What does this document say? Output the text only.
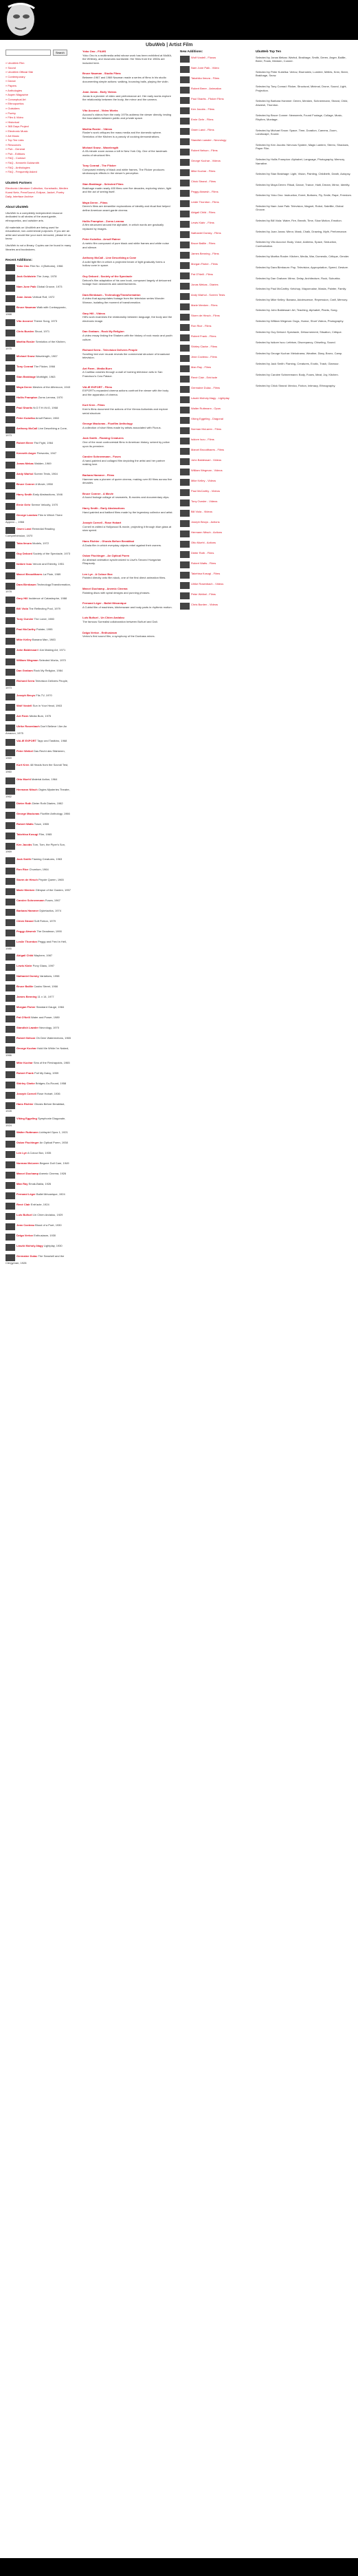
UbuWeb | Artist Film
Search
» UbuWeb Film
» Sound
» UbuWeb Official Site
» Contemporary
» Dance
» Papers
» Anthologies
» Aspen Magazine
» Conceptual Art
» Ethnopoetics
» Outsiders
» Poetry
» Film & Video
» Historical
» 365 Days Project
» Electronic Music
» Art Music
» Top Ten Lists
» Resources
» Pub - General
» Pub - Editions
» FAQ - Contact
» FAQ - Kenneth Goldsmith
» FAQ - Anthologies
» FAQ - Frequently Asked
UbuWeb Partners
Electronic Literature Collection, Kunstradio, Medien Kunst Netz, PennSound, Eclipse, Jacket, Poetry Daily, Interface Archive
About UbuWeb
UbuWeb is a completely independent resource dedicated to all strains of the avant-garde, ethnopoetics, and outsider arts.
All materials on UbuWeb are being used for educational, non-commercial purposes. If you are an artist and would like your work removed, please let us know.
UbuWeb is not a library. Copies can be found in many libraries and bookstores.
Recent Additions:
Yoko Ono Film No. 4 (Bottoms), 1966
Jack Goldstein The Jump, 1978
Nam June Paik Global Groove, 1973
Joan Jonas Vertical Roll, 1972
Bruce Nauman Walk with Contrapposto, 1968
Vito Acconci Theme Song, 1973
Chris Burden Shoot, 1971
Martha Rosler Semiotics of the Kitchen, 1975
Michael Snow Wavelength, 1967
Tony Conrad The Flicker, 1966
Stan Brakhage Mothlight, 1963
Maya Deren Meshes of the Afternoon, 1943
Hollis Frampton Zorns Lemma, 1970
Paul Sharits N:O:T:H:I:N:G, 1968
Peter Kubelka Arnulf Rainer, 1960
Anthony McCall Line Describing a Cone, 1973
Robert Breer Fist Fight, 1964
Kenneth Anger Fireworks, 1947
Jonas Mekas Walden, 1969
Andy Warhol Screen Tests, 1964
Bruce Conner A Movie, 1958
Harry Smith Early Abstractions, 1946
Ernie Gehr Serene Velocity, 1970
George Landow Film in Which There Appear..., 1966
Owen Land Remedial Reading Comprehension, 1970
Taka Iimura Models, 1972
Guy Debord Society of the Spectacle, 1973
Isidore Isou Venom and Eternity, 1951
Marcel Broodthaers La Pluie, 1969
Dara Birnbaum Technology/Transformation, 1978
Gary Hill Incidence of Catastrophe, 1988
Bill Viola The Reflecting Pool, 1979
Tony Oursler The Loner, 1980
Paul McCarthy Painter, 1995
Mike Kelley Banana Man, 1983
John Baldessari I Am Making Art, 1971
William Wegman Selected Works, 1970
Dan Graham Rock My Religion, 1984
Richard Serra Television Delivers People, 1973
Joseph Beuys Filz-TV, 1970
Wolf Vostell Sun in Your Head, 1963
Ant Farm Media Burn, 1975
Ulrike Rosenbach Don't Believe I Am An Amazon, 1975
VALIE EXPORT Tapp und Tastkino, 1968
Peter Weibel Das Recht des Stärkeren, 1969
Kurt Kren 48 Heads from the Szondi Test, 1960
Otto Muehl Material Action, 1964
Hermann Nitsch Orgies Mysteries Theatre, 1962
Dieter Roth Dieter Roth Diaries, 1982
George Maciunas Fluxfilm Anthology, 1966
Robert Watts Trace, 1965
Takehisa Kosugi Film, 1965
Ken Jacobs Tom, Tom, the Piper's Son, 1969
Jack Smith Flaming Creatures, 1963
Ron Rice Chumlum, 1964
Storm de Hirsch Peyote Queen, 1965
Marie Menken Glimpse of the Garden, 1957
Carolee Schneemann Fuses, 1967
Barbara Hammer Dyketactics, 1974
Chick Strand Soft Fiction, 1979
Peggy Ahwesh The Deadman, 1990
Leslie Thornton Peggy and Fred in Hell, 1985
Abigail Child Mayhem, 1987
Lewis Klahr Pony Glass, 1997
Nathaniel Dorsky Variations, 1998
Bruce Baillie Castro Street, 1966
James Benning 11 x 14, 1977
Morgan Fisher Standard Gauge, 1984
Pat O'Neill Water and Power, 1989
Standish Lawder Necrology, 1970
Robert Nelson Oh Dem Watermelons, 1965
George Kuchar Hold Me While I'm Naked, 1966
Mike Kuchar Sins of the Fleshapoids, 1965
Robert Frank Pull My Daisy, 1959
Shirley Clarke Bridges-Go-Round, 1958
Joseph Cornell Rose Hobart, 1936
Hans Richter Ghosts Before Breakfast, 1928
Viking Eggeling Symphonie Diagonale, 1924
Walter Ruttmann Lichtspiel Opus 1, 1921
Oskar Fischinger An Optical Poem, 1938
Len Lye A Colour Box, 1935
Norman McLaren Begone Dull Care, 1949
Marcel Duchamp Anemic Cinema, 1926
Man Ray Emak-Bakia, 1926
Fernand Léger Ballet Mécanique, 1924
René Clair Entr'acte, 1924
Luis Buñuel Un Chien Andalou, 1929
Jean Cocteau Blood of a Poet, 1930
Dziga Vertov Enthusiasm, 1930
László Moholy-Nagy Lightplay, 1930
Germaine Dulac The Seashell and the Clergyman, 1928
Yoko Ono - FILMS
Yoko Ono is a multimedia artist whose work has been exhibited at MoMA, the Whitney, and museums worldwide. Her films from the 1960s are included here.
Bruce Nauman - Studio Films
Between 1967 and 1969 Nauman made a series of films in his studio documenting simple actions: walking, bouncing balls, playing the violin.
Joan Jonas - Early Videos
Jonas is a pioneer of video and performance art. Her early works explore the relationship between the body, the mirror and the camera.
Vito Acconci - Video Works
Acconci's videos from the early 1970s address the viewer directly, testing the boundaries between public and private space.
Martha Rosler - Videos
Rosler's work critiques the mass media and the domestic sphere. Semiotics of the Kitchen is a parody of cooking demonstrations.
Michael Snow - Wavelength
A 45-minute zoom across a loft in New York City. One of the landmark works of structural film.
Tony Conrad - The Flicker
Composed entirely of black and white frames, The Flicker produces stroboscopic effects in the viewer's perception.
Stan Brakhage - Selected Films
Brakhage made nearly 400 films over five decades, exploring vision, light and the act of seeing itself.
Maya Deren - Films
Deren's films are dreamlike explorations of identity and ritual that helped define American avant-garde cinema.
Hollis Frampton - Zorns Lemma
A film structured around the alphabet, in which words are gradually replaced by images.
Peter Kubelka - Arnulf Rainer
A metric film composed of pure black and white frames and white noise and silence.
Anthony McCall - Line Describing a Cone
A solid light film in which a projected beam of light gradually forms a hollow cone in space.
Guy Debord - Society of the Spectacle
Debord's film adaptation of his own book, composed largely of detourned footage from newsreels and advertisements.
Dara Birnbaum - Technology/Transformation
A video that appropriates footage from the television series Wonder Woman, isolating the moment of transformation.
Gary Hill - Videos
Hill's work examines the relationship between language, the body and the electronic image.
Dan Graham - Rock My Religion
A video essay linking the Shakers with the history of rock music and youth culture.
Richard Serra - Television Delivers People
Scrolling text over muzak reveals the commercial structure of broadcast television.
Ant Farm - Media Burn
A Cadillac crashes through a wall of burning television sets in San Francisco's Cow Palace.
VALIE EXPORT - Films
EXPORT's expanded cinema actions confront the viewer with the body and the apparatus of cinema.
Kurt Kren - Films
Kren's films document the actions of the Vienna Actionists and explore serial structure.
George Maciunas - Fluxfilm Anthology
A collection of short films made by artists associated with Fluxus.
Jack Smith - Flaming Creatures
One of the most controversial films in American history, seized by police upon its premiere.
Carolee Schneemann - Fuses
A hand-painted and collaged film depicting the artist and her partner making love.
Barbara Hammer - Films
Hammer was a pioneer of queer cinema, making over 80 films across five decades.
Bruce Conner - A Movie
A found footage collage of newsreels, B-movies and documentary clips.
Harry Smith - Early Abstractions
Hand-painted and batiked films made by the legendary collector and artist.
Joseph Cornell - Rose Hobart
Cornell re-edited a Hollywood B-movie, projecting it through blue glass at slow speed.
Hans Richter - Ghosts Before Breakfast
A Dada film in which everyday objects rebel against their owners.
Oskar Fischinger - An Optical Poem
An abstract animation synchronized to Liszt's Second Hungarian Rhapsody.
Len Lye - A Colour Box
Painted directly onto film stock, one of the first direct animation films.
Marcel Duchamp - Anemic Cinema
Rotating discs with spiral designs and punning phrases.
Fernand Léger - Ballet Mécanique
A Cubist film of machines, kitchenware and body parts in rhythmic motion.
Luis Buñuel - Un Chien Andalou
The famous Surrealist collaboration between Buñuel and Dalí.
Dziga Vertov - Enthusiasm
Vertov's first sound film, a symphony of the Donbass mines.
New Additions:
Wolf Vostell - Fluxus
Nam June Paik - Video
Takahiko Iimura - Films
Robert Breer - Animation
Paul Sharits - Flicker Films
Ken Jacobs - Films
Ernie Gehr - Films
Owen Land - Films
Standish Lawder - Necrology
Robert Nelson - Films
George Kuchar - Videos
Mike Kuchar - Films
Chick Strand - Films
Peggy Ahwesh - Films
Leslie Thornton - Films
Abigail Child - Films
Lewis Klahr - Films
Nathaniel Dorsky - Films
Bruce Baillie - Films
James Benning - Films
Morgan Fisher - Films
Pat O'Neill - Films
Jonas Mekas - Diaries
Andy Warhol - Screen Tests
Marie Menken - Films
Storm de Hirsch - Films
Ron Rice - Films
Robert Frank - Films
Shirley Clarke - Films
Jean Cocteau - Films
Man Ray - Films
René Clair - Entr'acte
Germaine Dulac - Films
László Moholy-Nagy - Lightplay
Walter Ruttmann - Opus
Viking Eggeling - Diagonal
Norman McLaren - Films
Isidore Isou - Films
Marcel Broodthaers - Films
John Baldessari - Videos
William Wegman - Videos
Mike Kelley - Videos
Paul McCarthy - Videos
Tony Oursler - Videos
Bill Viola - Videos
Joseph Beuys - Actions
Hermann Nitsch - Actions
Otto Muehl - Actions
Dieter Roth - Films
Robert Watts - Films
Takehisa Kosugi - Films
Ulrike Rosenbach - Videos
Peter Weibel - Films
Chris Burden - Videos
UbuWeb Top Ten
Selected by Jonas Mekas: Warhol, Brakhage, Smith, Deren, Anger, Baillie, Breer, Frank, Menken, Conner.
Selected by Peter Kubelka: Vertov, Eisenstein, Lumière, Méliès, Kren, Breer, Brakhage, Snow.
Selected by Tony Conrad: Flicker, Structural, Minimal, Drone, Sound, Light, Projection.
Selected by Barbara Hammer: Deren, Menken, Schneemann, Strand, Child, Ahwesh, Thornton.
Selected by Bruce Conner: Newsreels, Found Footage, Collage, Music, Rhythm, Montage.
Selected by Michael Snow: Space, Time, Duration, Camera, Zoom, Landscape, Sound.
Selected by Ken Jacobs: Nervous System, Magic Lantern, Stereo, Shadows, Paper Film.
Selected by Hollis Frampton: Alphabet, Language, Photography, Memory, Narrative.
Selected by Stan Brakhage: Light, Vision, Painting, Childbirth, Death, Autopsy.
Selected by Maya Deren: Ritual, Dance, Trance, Haiti, Dream, Mirror, Identity.
Selected by Yoko Ono: Instruction, Event, Bottoms, Fly, Smile, Rape, Freedom.
Selected by Nam June Paik: Television, Magnet, Robot, Satellite, Global Groove.
Selected by Bill Viola: Water, Fire, Breath, Time, Slow Motion, Emotion.
Selected by Joan Jonas: Mirror, Mask, Chalk, Drawing, Myth, Performance.
Selected by Vito Acconci: Body, Voice, Address, Space, Seduction, Confrontation.
Selected by Martha Rosler: Kitchen, Media, War, Domestic, Critique, Gender.
Selected by Dara Birnbaum: Pop, Television, Appropriation, Speed, Gesture.
Selected by Dan Graham: Mirror, Delay, Architecture, Rock, Suburbia.
Selected by Paul McCarthy: Ketchup, Mayonnaise, Masks, Painter, Family.
Selected by Mike Kelley: Banana, Adolescence, Repression, Craft, Memory.
Selected by John Baldessari: Art, Teaching, Alphabet, Plants, Song.
Selected by William Wegman: Dogs, Humor, Short Videos, Photography.
Selected by Guy Debord: Spectacle, Détournement, Situation, Critique.
Selected by Isidore Isou: Lettrism, Discrepancy, Chiseling, Sound.
Selected by George Kuchar: Melodrama, Weather, Diary, Bronx, Camp.
Selected by Jack Smith: Flaming, Creatures, Exotic, Trash, Glamour.
Selected by Carolee Schneemann: Body, Fuses, Meat, Joy, Kitchen.
Selected by Chick Strand: Mexico, Fiction, Intimacy, Ethnography.
